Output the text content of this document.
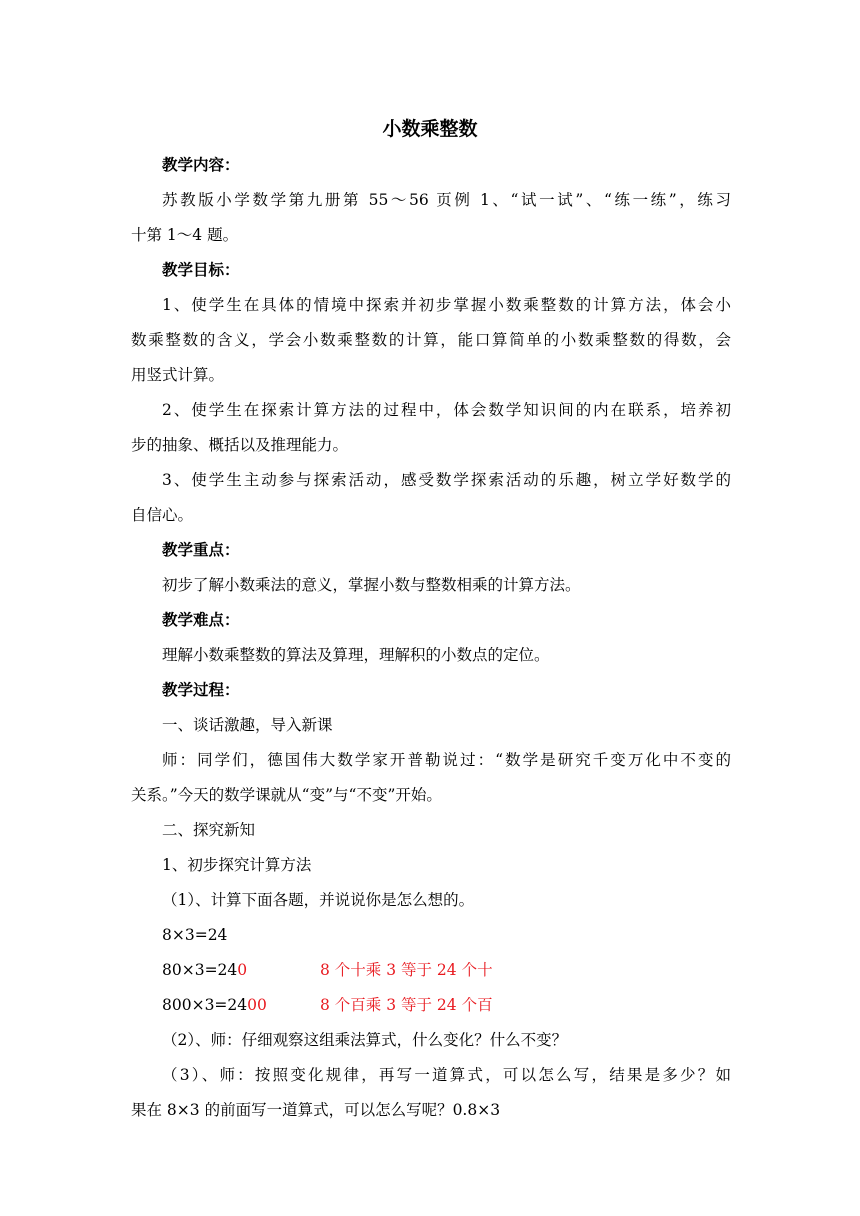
小数乘整数
教学内容：
苏教版小学数学第九册第 55～56 页例 1、“试一试”、“练一练”，练习
十第 1～4 题。
教学目标：
1、使学生在具体的情境中探索并初步掌握小数乘整数的计算方法，体会小
数乘整数的含义，学会小数乘整数的计算，能口算简单的小数乘整数的得数，会
用竖式计算。
2、使学生在探索计算方法的过程中，体会数学知识间的内在联系，培养初
步的抽象、概括以及推理能力。
3、使学生主动参与探索活动，感受数学探索活动的乐趣，树立学好数学的
自信心。
教学重点：
初步了解小数乘法的意义，掌握小数与整数相乘的计算方法。
教学难点：
理解小数乘整数的算法及算理，理解积的小数点的定位。
教学过程：
一、谈话激趣，导入新课
师：同学们，德国伟大数学家开普勒说过：“数学是研究千变万化中不变的
关系。”今天的数学课就从“变”与“不变”开始。
二、探究新知
1、初步探究计算方法
（1）、计算下面各题，并说说你是怎么想的。
8×3=24
80×3=240	8 个十乘 3 等于 24 个十
800×3=2400	8 个百乘 3 等于 24 个百
（2）、师：仔细观察这组乘法算式，什么变化？什么不变？
（3）、师：按照变化规律，再写一道算式，可以怎么写，结果是多少？如
果在 8×3 的前面写一道算式，可以怎么写呢？0.8×3
